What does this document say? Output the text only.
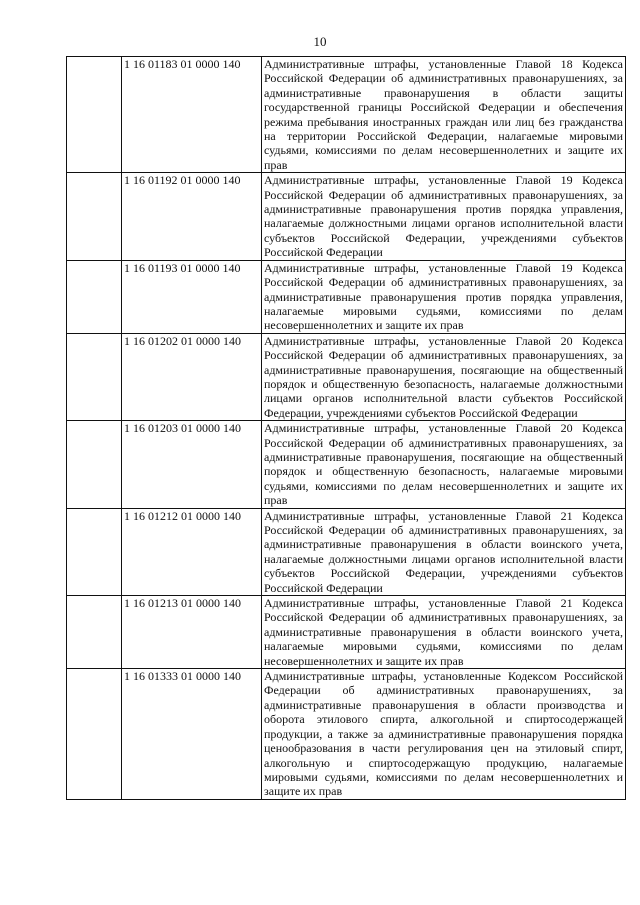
10
	1 16 01183 01 0000 140	Административные штрафы, установленные Главой 18 Кодекса Российской Федерации об административных правонарушениях, за административные правонарушения в области защиты государственной границы Российской Федерации и обеспечения режима пребывания иностранных граждан или лиц без гражданства на территории Российской Федерации, налагаемые мировыми судьями, комиссиями по делам несовершеннолетних и защите их прав
	1 16 01192 01 0000 140	Административные штрафы, установленные Главой 19 Кодекса Российской Федерации об административных правонарушениях, за административные правонарушения против порядка управления, налагаемые должностными лицами органов исполнительной власти субъектов Российской Федерации, учреждениями субъектов Российской Федерации
	1 16 01193 01 0000 140	Административные штрафы, установленные Главой 19 Кодекса Российской Федерации об административных правонарушениях, за административные правонарушения против порядка управления, налагаемые мировыми судьями, комиссиями по делам несовершеннолетних и защите их прав
	1 16 01202 01 0000 140	Административные штрафы, установленные Главой 20 Кодекса Российской Федерации об административных правонарушениях, за административные правонарушения, посягающие на общественный порядок и общественную безопасность, налагаемые должностными лицами органов исполнительной власти субъектов Российской Федерации, учреждениями субъектов Российской Федерации
	1 16 01203 01 0000 140	Административные штрафы, установленные Главой 20 Кодекса Российской Федерации об административных правонарушениях, за административные правонарушения, посягающие на общественный порядок и общественную безопасность, налагаемые мировыми судьями, комиссиями по делам несовершеннолетних и защите их прав
	1 16 01212 01 0000 140	Административные штрафы, установленные Главой 21 Кодекса Российской Федерации об административных правонарушениях, за административные правонарушения в области воинского учета, налагаемые должностными лицами органов исполнительной власти субъектов Российской Федерации, учреждениями субъектов Российской Федерации
	1 16 01213 01 0000 140	Административные штрафы, установленные Главой 21 Кодекса Российской Федерации об административных правонарушениях, за административные правонарушения в области воинского учета, налагаемые мировыми судьями, комиссиями по делам несовершеннолетних и защите их прав
	1 16 01333 01 0000 140	Административные штрафы, установленные Кодексом Российской Федерации об административных правонарушениях, за административные правонарушения в области производства и оборота этилового спирта, алкогольной и спиртосодержащей продукции, а также за административные правонарушения порядка ценообразования в части регулирования цен на этиловый спирт, алкогольную и спиртосодержащую продукцию, налагаемые мировыми судьями, комиссиями по делам несовершеннолетних и защите их прав
